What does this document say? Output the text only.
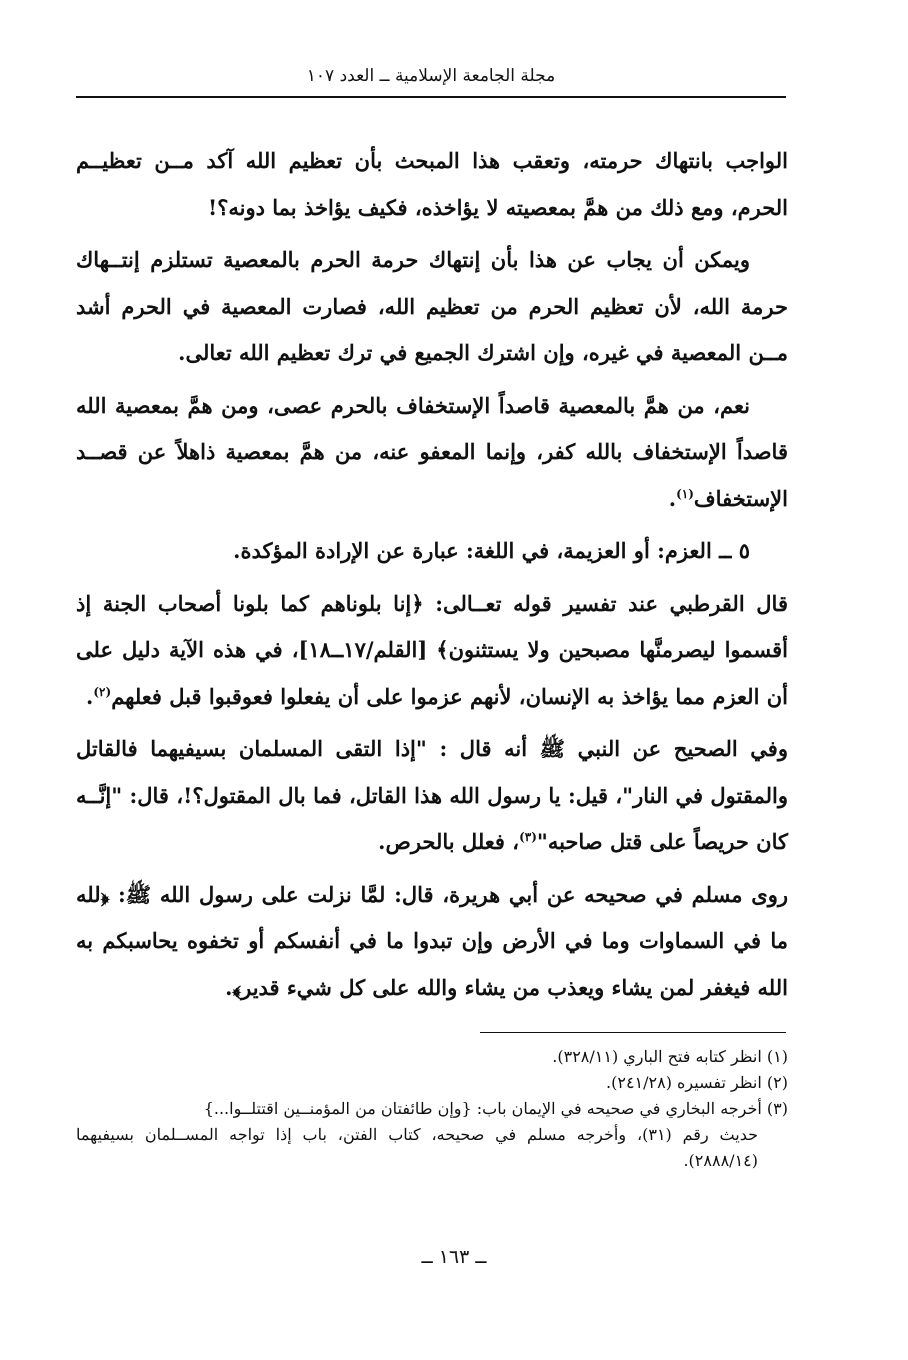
مجلة الجامعة الإسلامية ــ العدد ١٠٧

الواجب بانتهاك حرمته، وتعقب هذا المبحث بأن تعظيم الله آكد مــن تعظيــم الحرم، ومع ذلك من همَّ بمعصيته لا يؤاخذه، فكيف يؤاخذ بما دونه؟!

ويمكن أن يجاب عن هذا بأن إنتهاك حرمة الحرم بالمعصية تستلزم إنتــهاك حرمة الله، لأن تعظيم الحرم من تعظيم الله، فصارت المعصية في الحرم أشد مــن المعصية في غيره، وإن اشترك الجميع في ترك تعظيم الله تعالى.

نعم، من همَّ بالمعصية قاصداً الإستخفاف بالحرم عصى، ومن همَّ بمعصية الله قاصداً الإستخفاف بالله كفر، وإنما المعفو عنه، من همَّ بمعصية ذاهلاً عن قصــد الإستخفاف$^{(١)}$.

٥ ــ العزم: أو العزيمة، في اللغة: عبارة عن الإرادة المؤكدة.

قال القرطبي عند تفسير قوله تعــالى: ﴿إنا بلوناهم كما بلونا أصحاب الجنة إذ أقسموا ليصرمنَّها مصبحين ولا يستثنون﴾ [القلم/١٧ــ١٨]، في هذه الآية دليل على أن العزم مما يؤاخذ به الإنسان، لأنهم عزموا على أن يفعلوا فعوقبوا قبل فعلهم$^{(٢)}$.

وفي الصحيح عن النبي ﷺ أنه قال : "إذا التقى المسلمان بسيفيهما فالقاتل والمقتول في النار"، قيل: يا رسول الله هذا القاتل، فما بال المقتول؟!، قال: "إنَّــه كان حريصاً على قتل صاحبه"$^{(٣)}$، فعلل بالحرص.

روى مسلم في صحيحه عن أبي هريرة، قال: لمَّا نزلت على رسول الله ﷺ: ﴿لله ما في السماوات وما في الأرض وإن تبدوا ما في أنفسكم أو تخفوه يحاسبكم به الله فيغفر لمن يشاء ويعذب من يشاء والله على كل شيء قدير﴾.

(١) انظر كتابه فتح الباري (٣٢٨/١١).

(٢) انظر تفسيره (٢٤١/٢٨).

(٣) أخرجه البخاري في صحيحه في الإيمان باب: {وإن طائفتان من المؤمنــين اقتتلــوا...}

حديث رقم (٣١)، وأخرجه مسلم في صحيحه، كتاب الفتن، باب إذا تواجه المســلمان بسيفيهما (٢٨٨٨/١٤).

ــ ١٦٣ ــ
